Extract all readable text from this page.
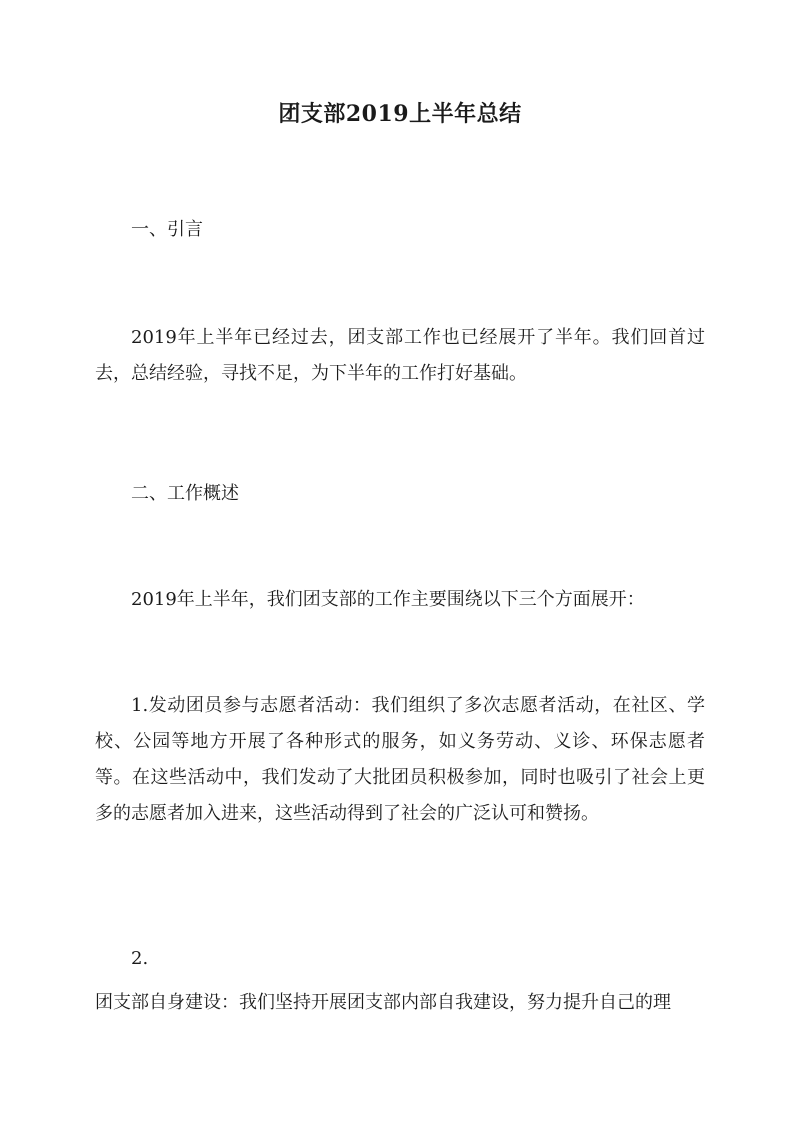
团支部2019上半年总结
一、引言
2019年上半年已经过去，团支部工作也已经展开了半年。我们回首过去，总结经验，寻找不足，为下半年的工作打好基础。
二、工作概述
2019年上半年，我们团支部的工作主要围绕以下三个方面展开：
1.发动团员参与志愿者活动：我们组织了多次志愿者活动，在社区、学校、公园等地方开展了各种形式的服务，如义务劳动、义诊、环保志愿者等。在这些活动中，我们发动了大批团员积极参加，同时也吸引了社会上更多的志愿者加入进来，这些活动得到了社会的广泛认可和赞扬。
2.
团支部自身建设：我们坚持开展团支部内部自我建设，努力提升自己的理
